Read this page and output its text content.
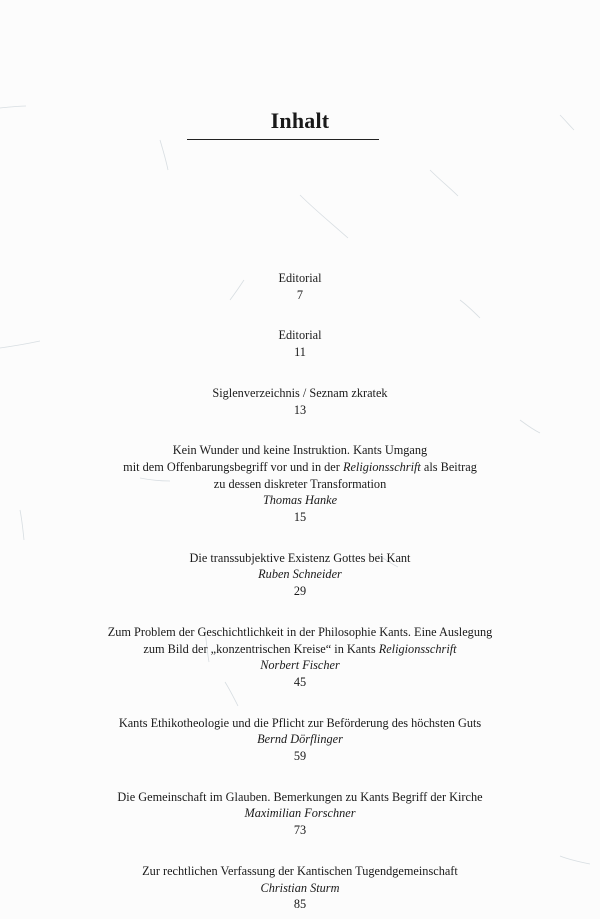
Inhalt
Editorial
7
Editorial
11
Siglenverzeichnis / Seznam zkratek
13
Kein Wunder und keine Instruktion. Kants Umgang
mit dem Offenbarungsbegriff vor und in der Religionsschrift als Beitrag
zu dessen diskreter Transformation
Thomas Hanke
15
Die transsubjektive Existenz Gottes bei Kant
Ruben Schneider
29
Zum Problem der Geschichtlichkeit in der Philosophie Kants. Eine Auslegung
zum Bild der „konzentrischen Kreise“ in Kants Religionsschrift
Norbert Fischer
45
Kants Ethikotheologie und die Pflicht zur Beförderung des höchsten Guts
Bernd Dörflinger
59
Die Gemeinschaft im Glauben. Bemerkungen zu Kants Begriff der Kirche
Maximilian Forschner
73
Zur rechtlichen Verfassung der Kantischen Tugendgemeinschaft
Christian Sturm
85
